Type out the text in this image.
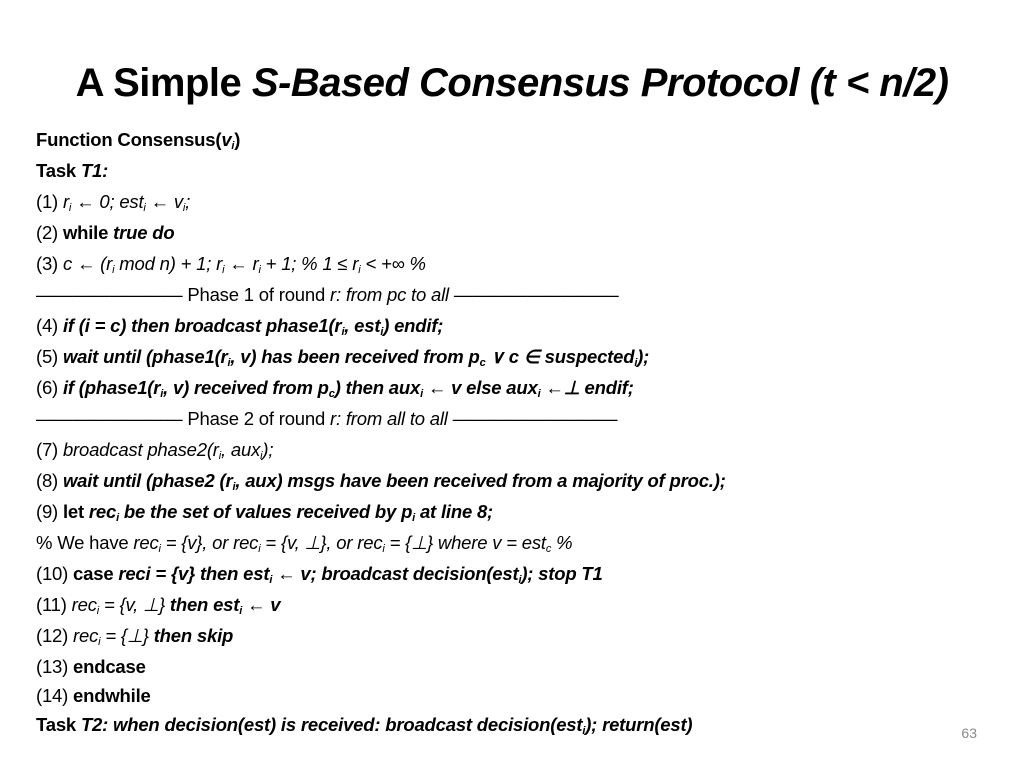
A Simple S-Based Consensus Protocol (t < n/2)
Function $Consensus(v_i)$
Task T1:
(1) $r_i$ ← 0; est$_i$ ← $v_i$;
(2) while true do
(3) c ← ($r_i$ mod n) + 1; $r_i$ ← $r_i + 1$; % $1 \le r_i$ < +∞ %
———————— Phase 1 of round r: from pc to all —————————
(4) if (i = c) then broadcast $phase1(r_i$, est$_i$) endif;
(5) wait until ($phase1(r_i$, v) has been received from $p_c$ ∨ c ∈ suspected$_i$);
(6) if ($phase1(r_i$, v) received from $p_c$) then aux$_i$ ← v else aux$_i$ ←⊥ endif;
———————— Phase 2 of round r: from all to all —————————
(7) broadcast $phase2(r_i$, aux$_i$);
(8) wait until (phase2 ($r_i$, aux) msgs have been received from a majority of proc.);
(9) let rec$_i$ be the set of values received by $p_i$ at line 8;
% We have rec$_i$ = {v}, or rec$_i$ = {v, ⊥}, or rec$_i$ = {⊥} where v = est$_c$ %
(10) case reci = {v} then est$_i$ ← v; broadcast decision(est$_i$); stop T1
(11) rec$_i$ = {v, ⊥} then est$_i$ ← v
(12) rec$_i$ = {⊥} then skip
(13) endcase
(14) endwhile
Task T2: when decision(est) is received: broadcast decision(est$_i$); return(est)	63
